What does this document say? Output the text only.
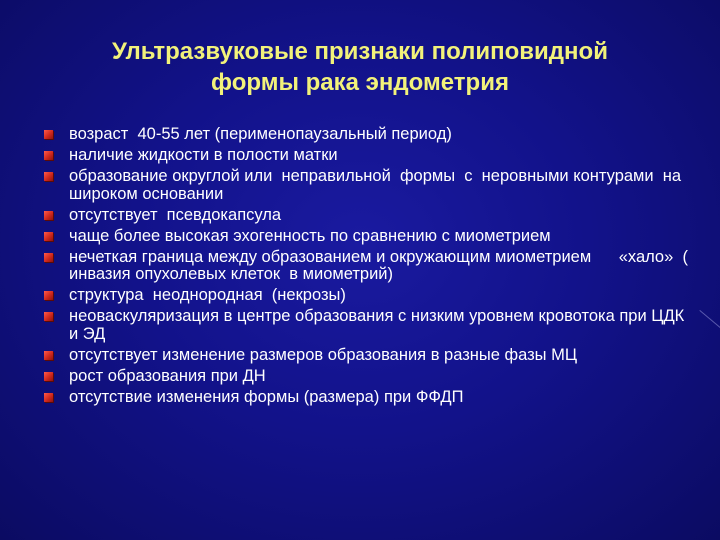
Ультразвуковые признаки полиповидной
формы рака эндометрия
возраст  40-55 лет (перименопаузальный период)
наличие жидкости в полости матки
образование округлой или  неправильной  формы  с  неровными контурами  на  широком основании
отсутствует  псевдокапсула
чаще более высокая эхогенность по сравнению с миометрием
нечеткая граница между образованием и окружающим миометрием      «хало»  ( инвазия опухолевых клеток  в миометрий)
структура  неоднородная  (некрозы)
неоваскуляризация в центре образования с низким уровнем кровотока при ЦДК и ЭД
отсутствует изменение размеров образования в разные фазы МЦ
рост образования при ДН
отсутствие изменения формы (размера) при ФФДП
